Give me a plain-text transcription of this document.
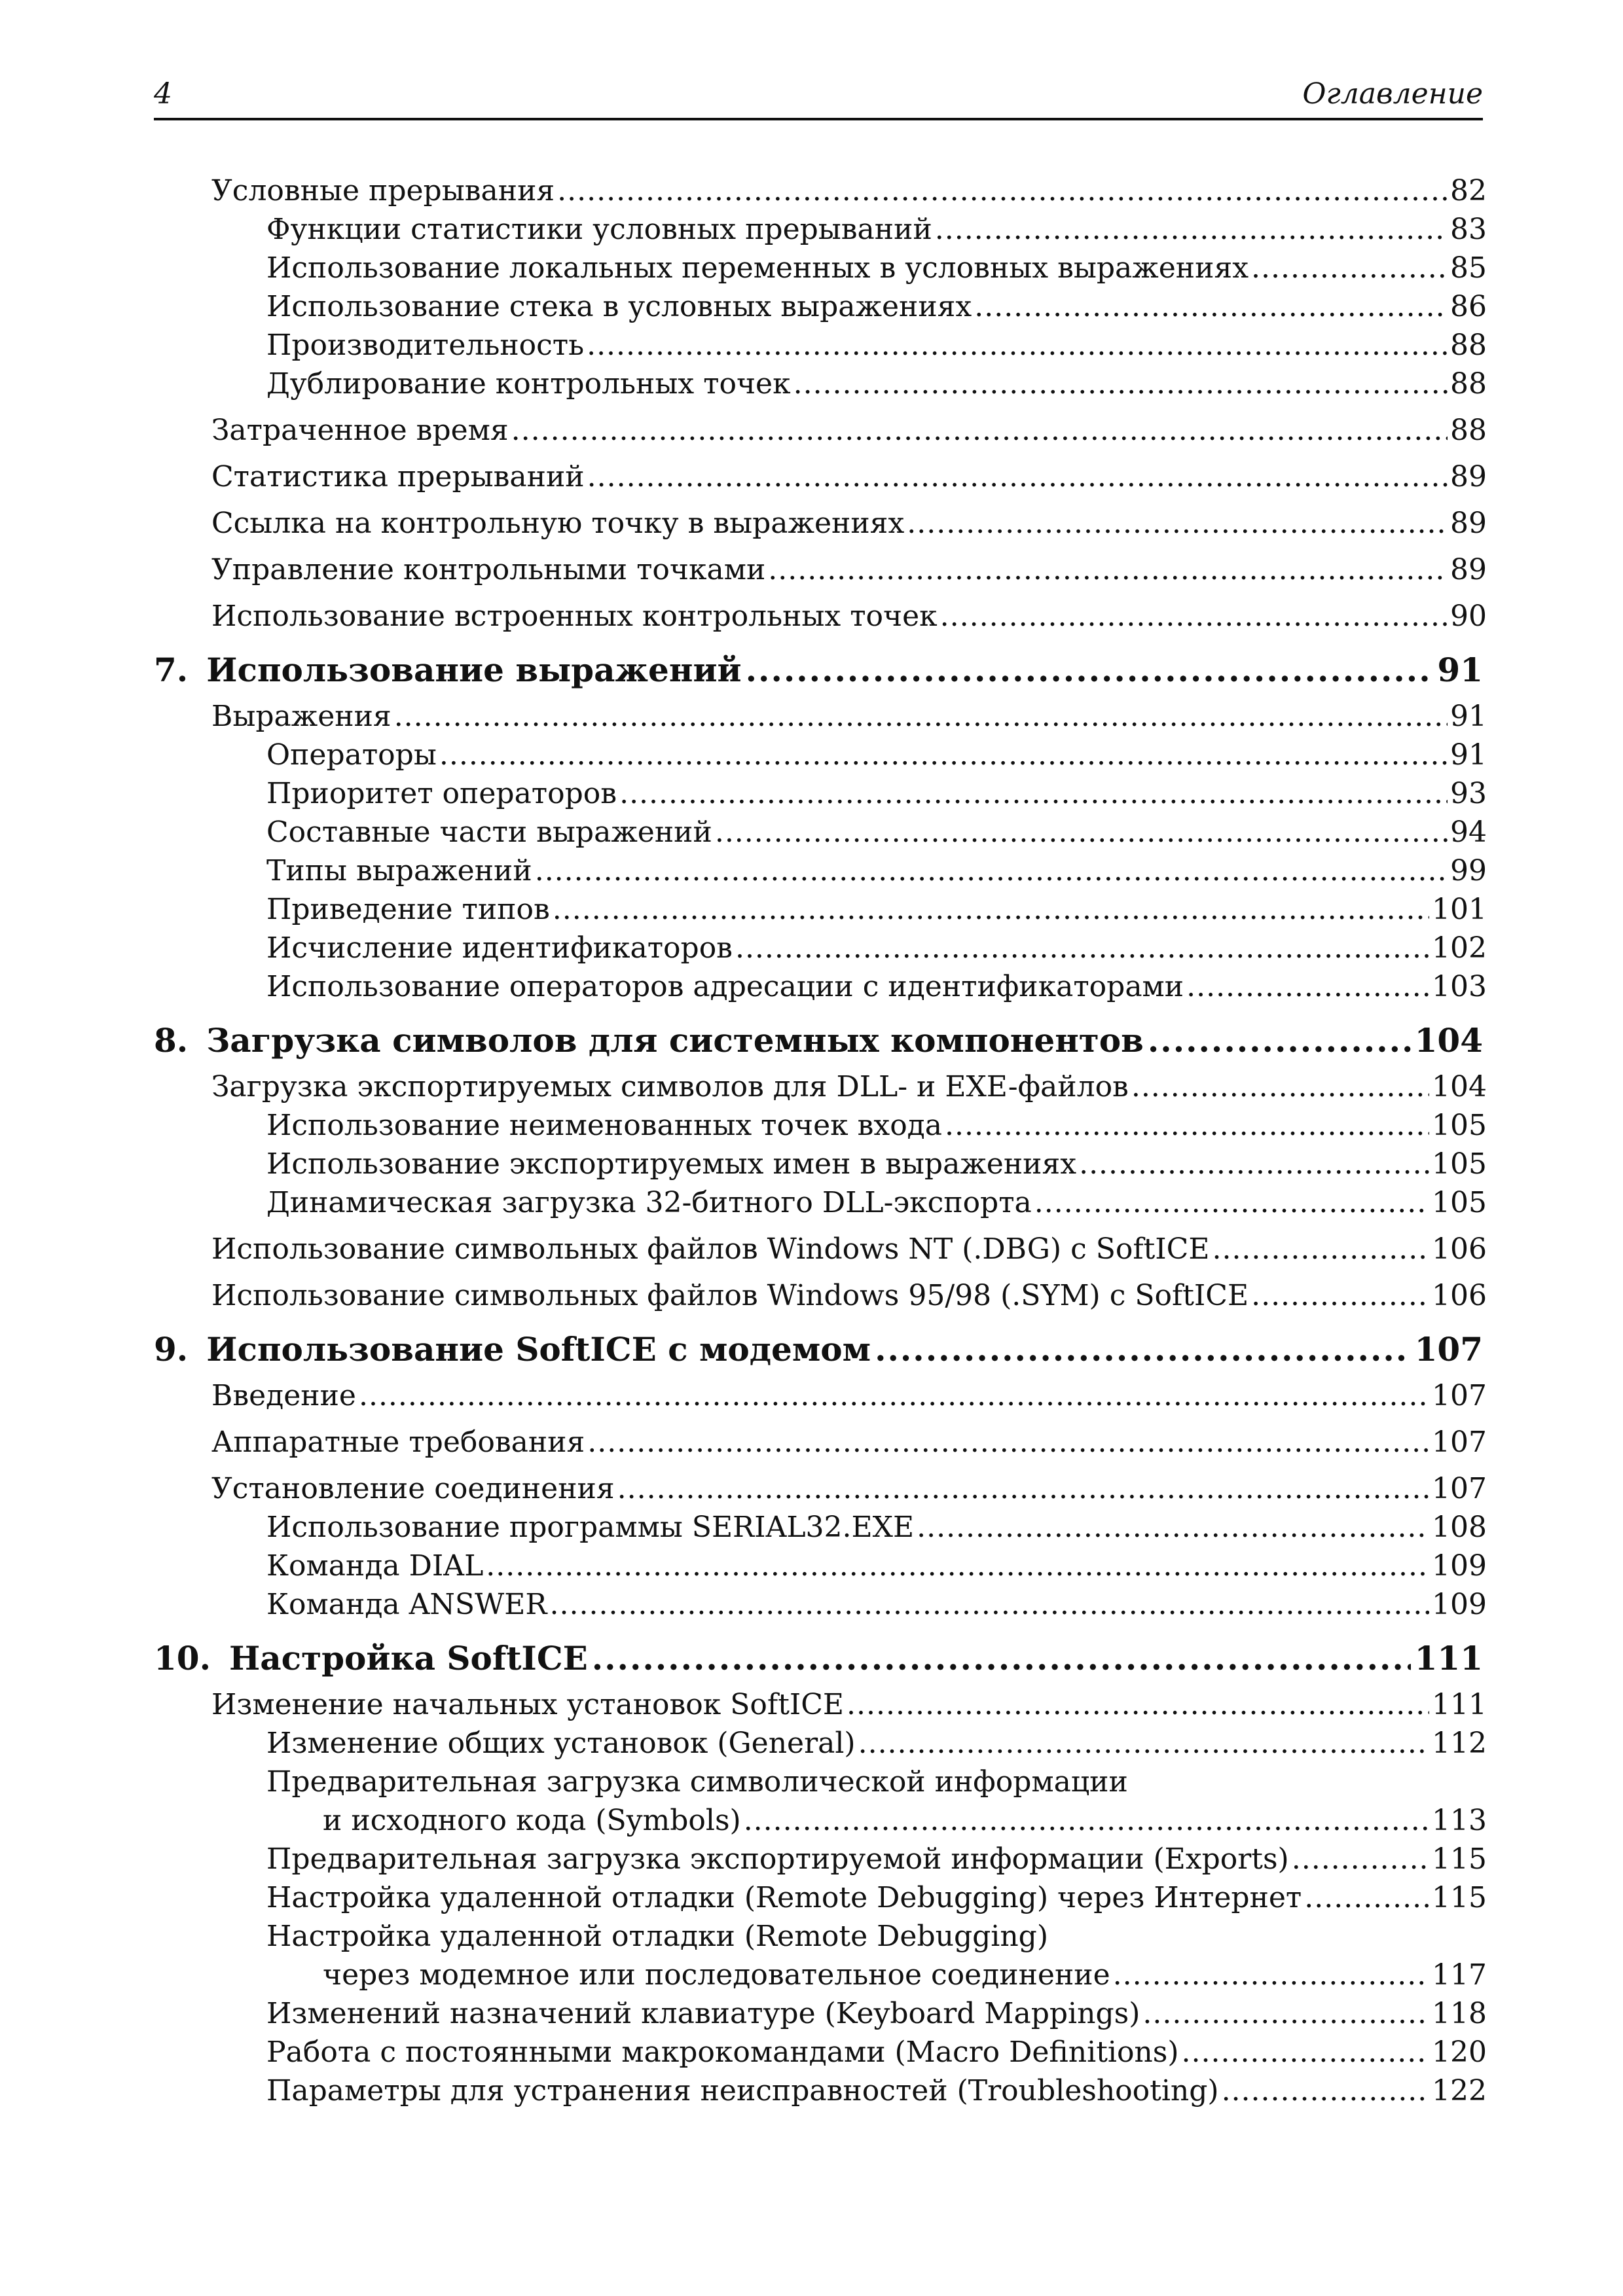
4	Оглавление
Условные прерывания .....	82
Функции статистики условных прерываний .....	83
Использование локальных переменных в условных выражениях .....	85
Использование стека в условных выражениях .....	86
Производительность .....	88
Дублирование контрольных точек .....	88
Затраченное время .....	88
Статистика прерываний .....	89
Ссылка на контрольную точку в выражениях .....	89
Управление контрольными точками .....	89
Использование встроенных контрольных точек .....	90
7. Использование выражений .....	91
Выражения .....	91
Операторы .....	91
Приоритет операторов .....	93
Составные части выражений .....	94
Типы выражений .....	99
Приведение типов .....	101
Исчисление идентификаторов .....	102
Использование операторов адресации с идентификаторами .....	103
8. Загрузка символов для системных компонентов .....	104
Загрузка экспортируемых символов для DLL- и EXE-файлов .....	104
Использование неименованных точек входа .....	105
Использование экспортируемых имен в выражениях .....	105
Динамическая загрузка 32-битного DLL-экспорта .....	105
Использование символьных файлов Windows NT (.DBG) с SoftICE .....	106
Использование символьных файлов Windows 95/98 (.SYM) с SoftICE .....	106
9. Использование SoftICE с модемом .....	107
Введение .....	107
Аппаратные требования .....	107
Установление соединения .....	107
Использование программы SERIAL32.EXE .....	108
Команда DIAL .....	109
Команда ANSWER .....	109
10. Настройка SoftICE .....	111
Изменение начальных установок SoftICE .....	111
Изменение общих установок (General) .....	112
Предварительная загрузка символической информации
и исходного кода (Symbols) .....	113
Предварительная загрузка экспортируемой информации (Exports) .....	115
Настройка удаленной отладки (Remote Debugging) через Интернет .....	115
Настройка удаленной отладки (Remote Debugging)
через модемное или последовательное соединение .....	117
Изменений назначений клавиатуре (Keyboard Mappings) .....	118
Работа с постоянными макрокомандами (Macro Definitions) .....	120
Параметры для устранения неисправностей (Troubleshooting) .....	122
